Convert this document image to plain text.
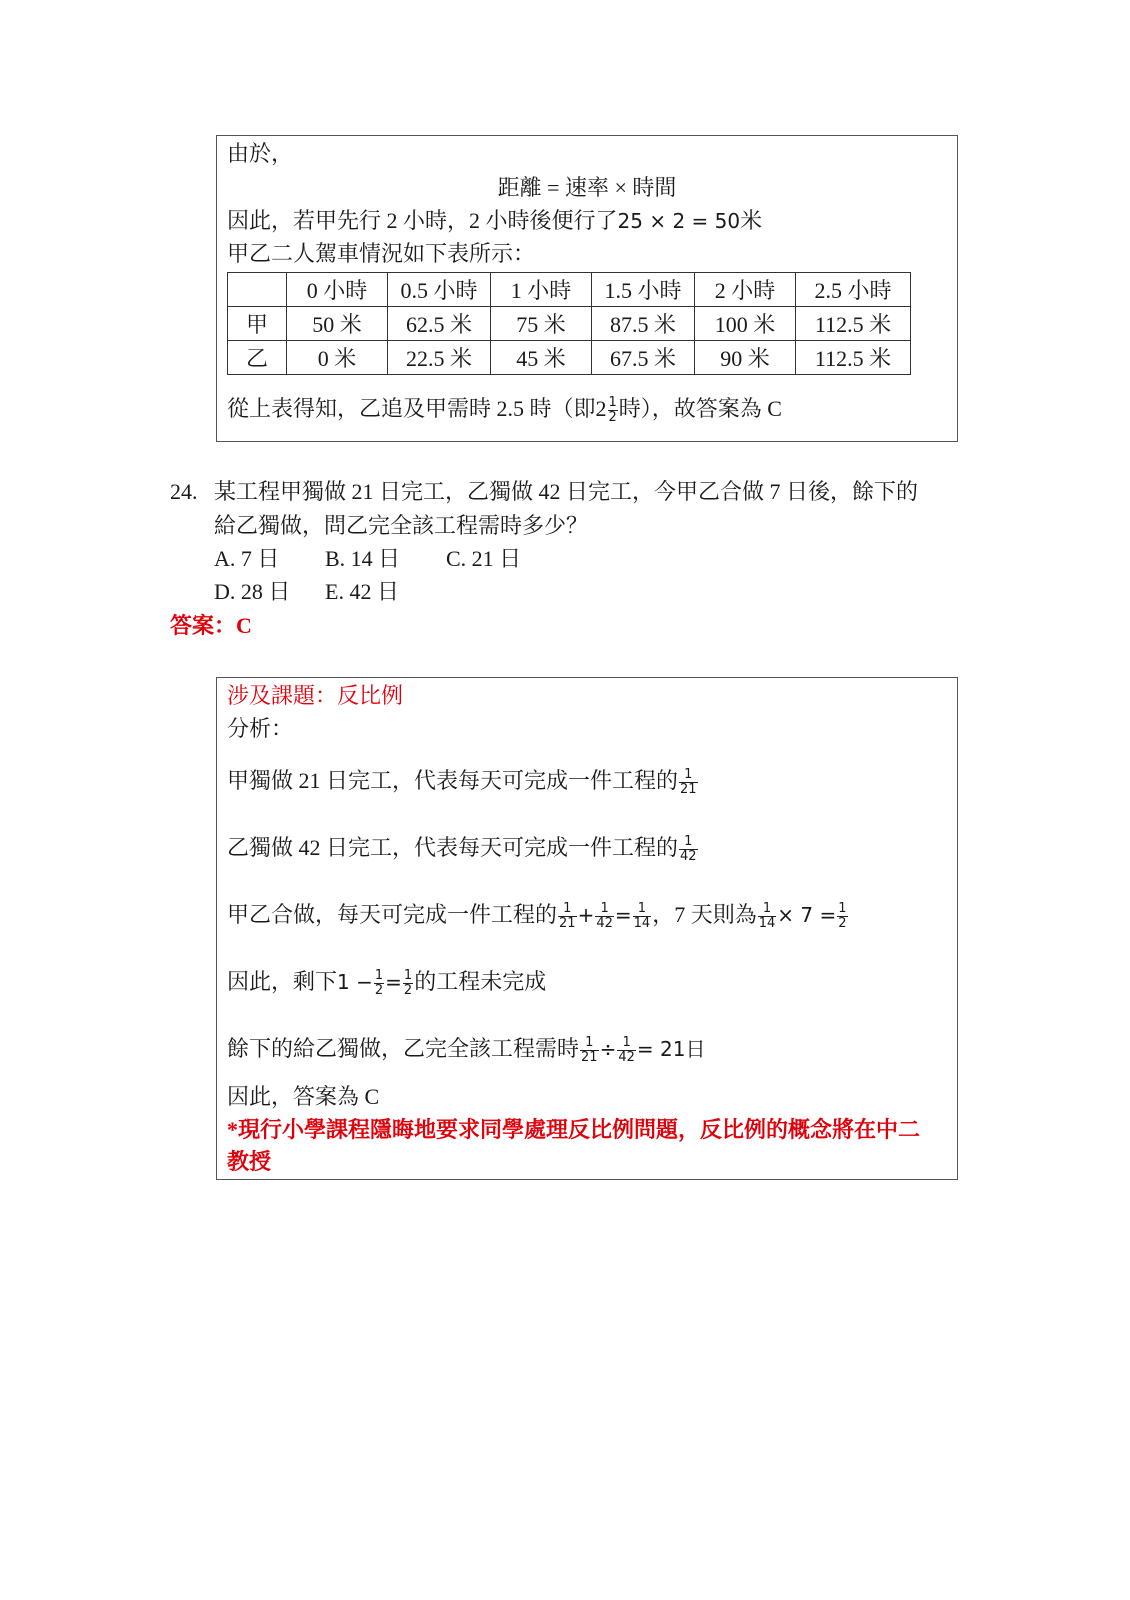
由於，
距離 = 速率 × 時間
因此，若甲先行 2 小時，2 小時後便行了25 × 2 = 50米
甲乙二人駕車情況如下表所示：
	0 小時	0.5 小時	1 小時	1.5 小時	2 小時	2.5 小時
甲	50 米	62.5 米	75 米	87.5 米	100 米	112.5 米
乙	0 米	22.5 米	45 米	67.5 米	90 米	112.5 米
從上表得知，乙追及甲需時 2.5 時（即$2 \frac{1}{2}$ 時），故答案為 C
24. 某工程甲獨做 21 日完工，乙獨做 42 日完工，今甲乙合做 7 日後，餘下的
給乙獨做，問乙完全該工程需時多少？
A. 7 日 B. 14 日 C. 21 日
D. 28 日 E. 42 日
答案：C
涉及課題：反比例
分析：
甲獨做 21 日完工，代表每天可完成一件工程的 $\frac{1}{21}$
乙獨做 42 日完工，代表每天可完成一件工程的 $\frac{1}{42}$
甲乙合做，每天可完成一件工程的 $\frac{1}{21} + \frac{1}{42} = \frac{1}{14}$ ，7 天則為 $\frac{1}{14} \times 7 = \frac{1}{2}$
因此，剩下$1 - \frac{1}{2} = \frac{1}{2}$ 的工程未完成
餘下的給乙獨做，乙完全該工程需時 $\frac{1}{21} \div \frac{1}{42} = 21$日
因此，答案為 C
*現行小學課程隱晦地要求同學處理反比例問題，反比例的概念將在中二
教授
